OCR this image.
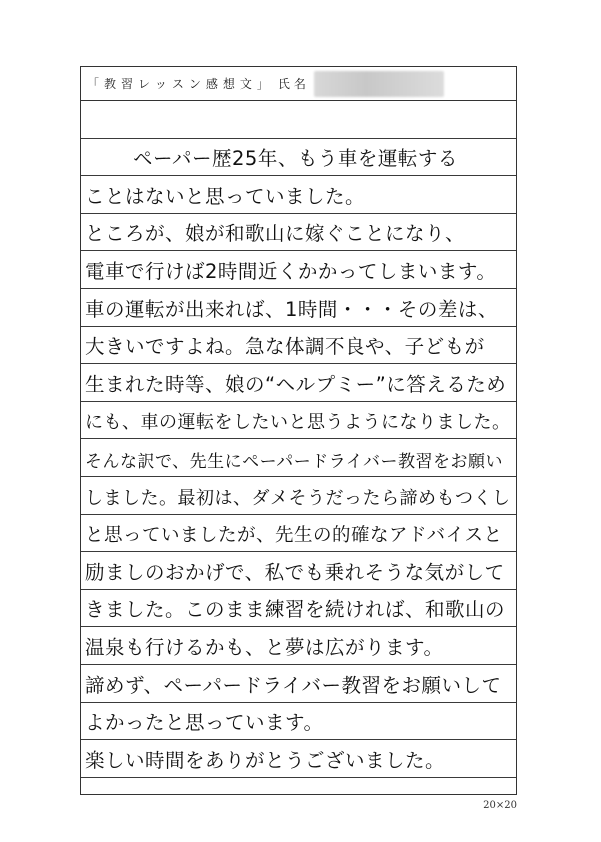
「教習レッスン感想文」 氏名
ペーパー歴25年、もう車を運転する
ことはないと思っていました。
ところが、娘が和歌山に嫁ぐことになり、
電車で行けば2時間近くかかってしまいます。
車の運転が出来れば、1時間・・・その差は、
大きいですよね。急な体調不良や、子どもが
生まれた時等、娘の“ヘルプミー”に答えるため
にも、車の運転をしたいと思うようになりました。
そんな訳で、先生にペーパードライバー教習をお願い
しました。最初は、ダメそうだったら諦めもつくし
と思っていましたが、先生の的確なアドバイスと
励ましのおかげで、私でも乗れそうな気がして
きました。このまま練習を続ければ、和歌山の
温泉も行けるかも、と夢は広がります。
諦めず、ペーパードライバー教習をお願いして
よかったと思っています。
楽しい時間をありがとうございました。
20×20
